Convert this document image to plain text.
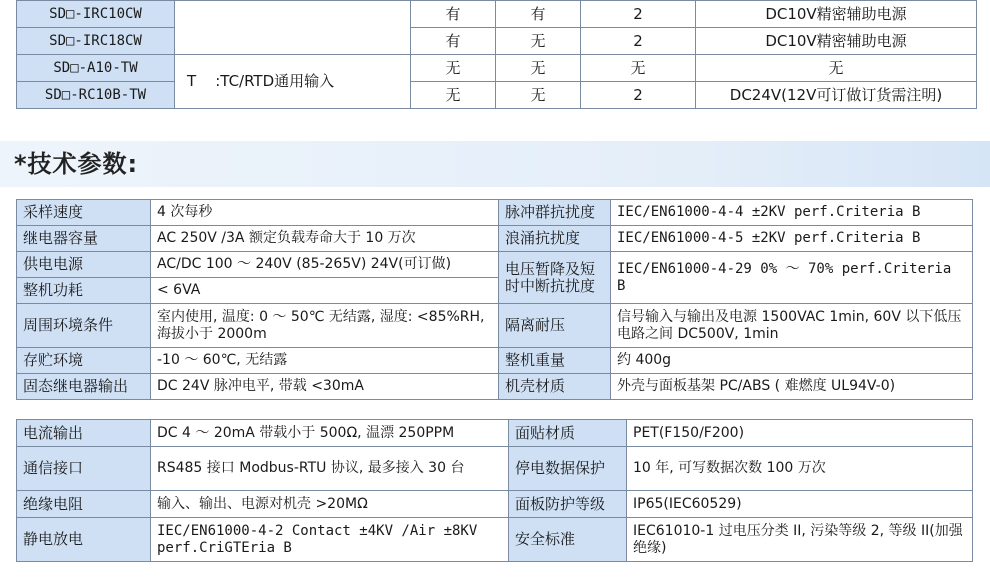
SD□-IRC10CW		有	有	2	DC10V精密辅助电源
SD□-IRC18CW		有	无	2	DC10V精密辅助电源
SD□-A10-TW	T    :TC/RTD通用输入	无	无	无	无
SD□-RC10B-TW		无	无	2	DC24V(12V可订做订货需注明)
*技术参数:
采样速度	4 次每秒	脉冲群抗扰度	IEC/EN61000-4-4 ±2KV perf.Criteria B
继电器容量	AC 250V /3A 额定负载寿命大于 10 万次	浪涌抗扰度	IEC/EN61000-4-5 ±2KV perf.Criteria B
供电电源	AC/DC 100 ～ 240V (85-265V) 24V(可订做)	电压暂降及短时中断抗扰度	IEC/EN61000-4-29 0% ～ 70% perf.Criteria B
整机功耗	< 6VA		
周围环境条件	室内使用, 温度: 0 ～ 50℃ 无结露, 湿度: <85%RH, 海拔小于 2000m	隔离耐压	信号输入与输出及电源 1500VAC 1min, 60V 以下低压电路之间 DC500V, 1min
存贮环境	-10 ～ 60℃, 无结露	整机重量	约 400g
固态继电器输出	DC 24V 脉冲电平, 带载 <30mA	机壳材质	外壳与面板基架 PC/ABS ( 难燃度 UL94V-0)
电流输出	DC 4 ～ 20mA 带载小于 500Ω, 温漂 250PPM	面贴材质	PET(F150/F200)
通信接口	RS485 接口 Modbus-RTU 协议, 最多接入 30 台	停电数据保护	10 年, 可写数据次数 100 万次
绝缘电阻	输入、输出、电源对机壳 >20MΩ	面板防护等级	IP65(IEC60529)
静电放电	IEC/EN61000-4-2 Contact ±4KV /Air ±8KV perf.CriGTEria B	安全标准	IEC61010-1 过电压分类 II, 污染等级 2, 等级 II(加强绝缘)
